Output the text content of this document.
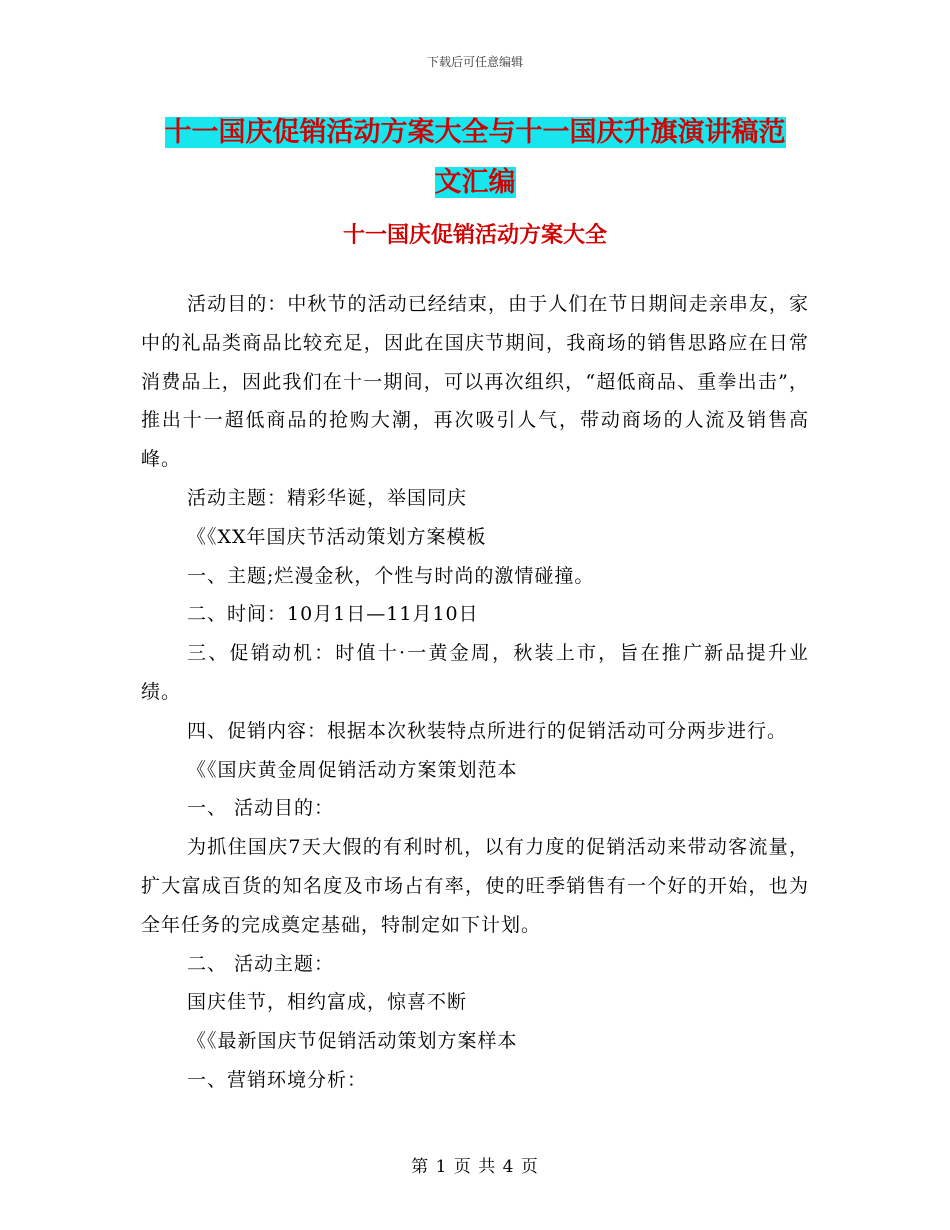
下载后可任意编辑
十一国庆促销活动方案大全与十一国庆升旗演讲稿范
文汇编
十一国庆促销活动方案大全

活动目的：中秋节的活动已经结束，由于人们在节日期间走亲串友，家中的礼品类商品比较充足，因此在国庆节期间，我商场的销售思路应在日常消费品上，因此我们在十一期间，可以再次组织，“超低商品、重拳出击”，推出十一超低商品的抢购大潮，再次吸引人气，带动商场的人流及销售高峰。

活动主题：精彩华诞，举国同庆

《《XX年国庆节活动策划方案模板

一、主题;烂漫金秋，个性与时尚的激情碰撞。

二、时间：10月1日—11月10日

三、促销动机：时值十·一黄金周，秋装上市，旨在推广新品提升业绩。

四、促销内容：根据本次秋装特点所进行的促销活动可分两步进行。

《《国庆黄金周促销活动方案策划范本

一、 活动目的：

为抓住国庆7天大假的有利时机，以有力度的促销活动来带动客流量，扩大富成百货的知名度及市场占有率，使的旺季销售有一个好的开始，也为全年任务的完成奠定基础，特制定如下计划。

二、 活动主题：

国庆佳节，相约富成，惊喜不断

《《最新国庆节促销活动策划方案样本

一、营销环境分析：

第 1 页 共 4 页
